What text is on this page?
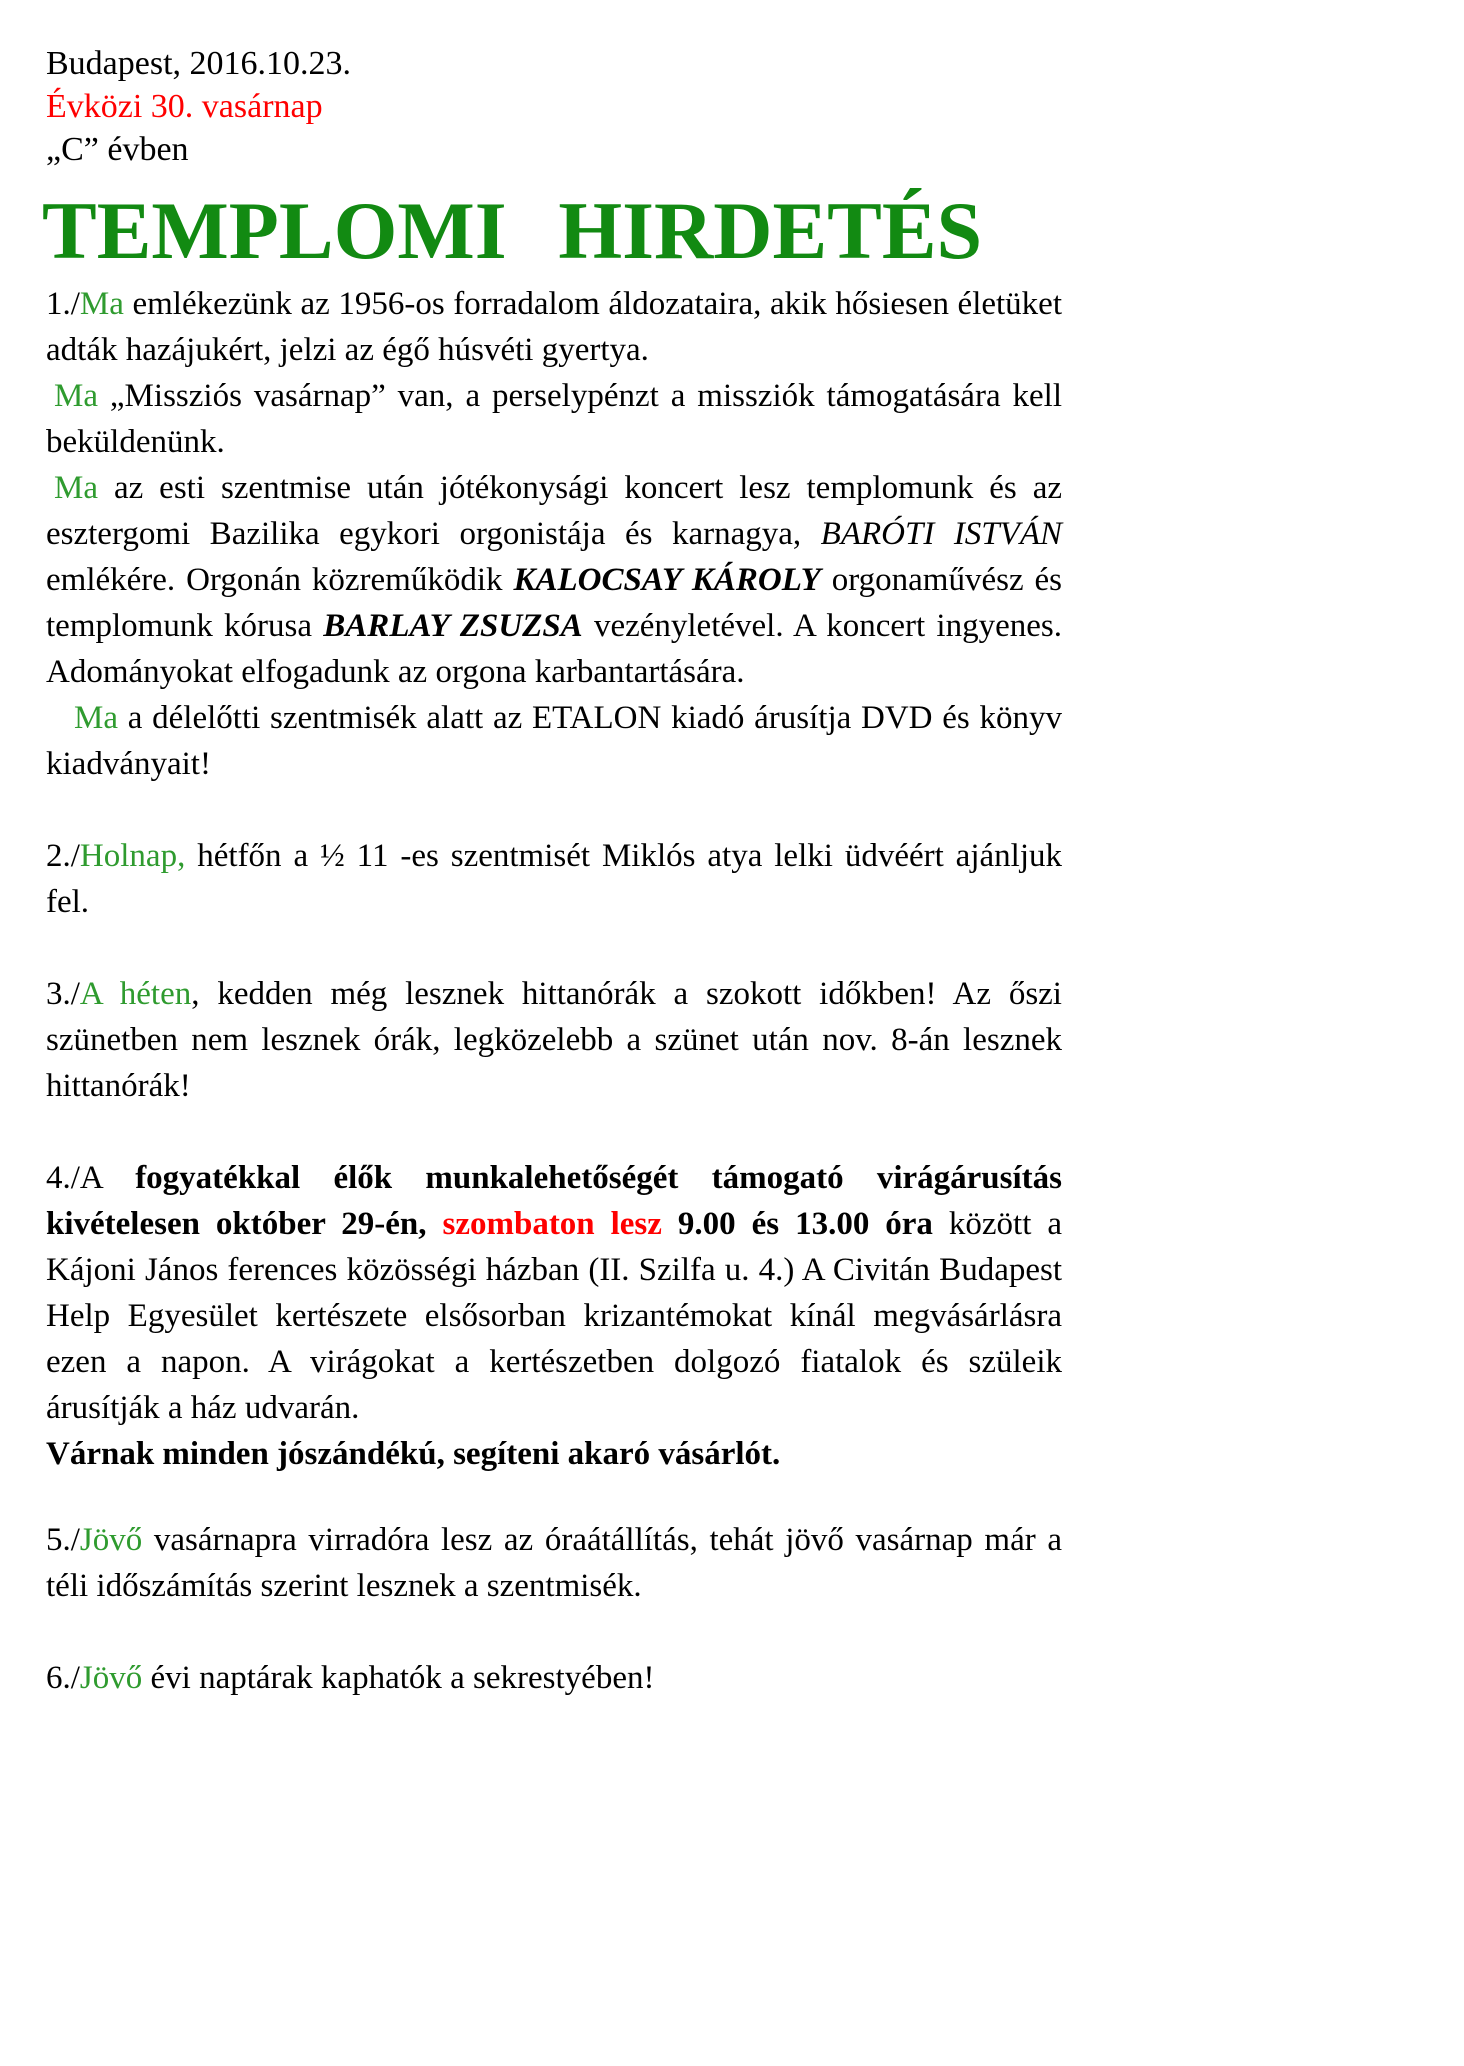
Budapest, 2016.10.23.
Évközi 30. vasárnap
„C” évben
TEMPLOMI HIRDETÉS

1./Ma emlékezünk az 1956-os forradalom áldozataira, akik hősiesen életüket adták hazájukért, jelzi az égő húsvéti gyertya.

Ma „Missziós vasárnap” van, a perselypénzt a missziók támogatására kell beküldenünk.

Ma az esti szentmise után jótékonysági koncert lesz templomunk és az esztergomi Bazilika egykori orgonistája és karnagya, BARÓTI ISTVÁN emlékére. Orgonán közreműködik KALOCSAY KÁROLY orgonaművész és templomunk kórusa BARLAY ZSUZSA vezényletével. A koncert ingyenes. Adományokat elfogadunk az orgona karbantartására.

Ma a délelőtti szentmisék alatt az ETALON kiadó árusítja DVD és könyv kiadványait!

2./Holnap, hétfőn a ½ 11 -es szentmisét Miklós atya lelki üdvéért ajánljuk fel.

3./A héten, kedden még lesznek hittanórák a szokott időkben! Az őszi szünetben nem lesznek órák, legközelebb a szünet után nov. 8-án lesznek hittanórák!

4./A fogyatékkal élők munkalehetőségét támogató virágárusítás kivételesen október 29-én, szombaton lesz 9.00 és 13.00 óra között a Kájoni János ferences közösségi házban (II. Szilfa u. 4.) A Civitán Budapest Help Egyesület kertészete elsősorban krizantémokat kínál megvásárlásra ezen a napon. A virágokat a kertészetben dolgozó fiatalok és szüleik árusítják a ház udvarán.

Várnak minden jószándékú, segíteni akaró vásárlót.

5./Jövő vasárnapra virradóra lesz az óraátállítás, tehát jövő vasárnap már a téli időszámítás szerint lesznek a szentmisék.

6./Jövő évi naptárak kaphatók a sekrestyében!
